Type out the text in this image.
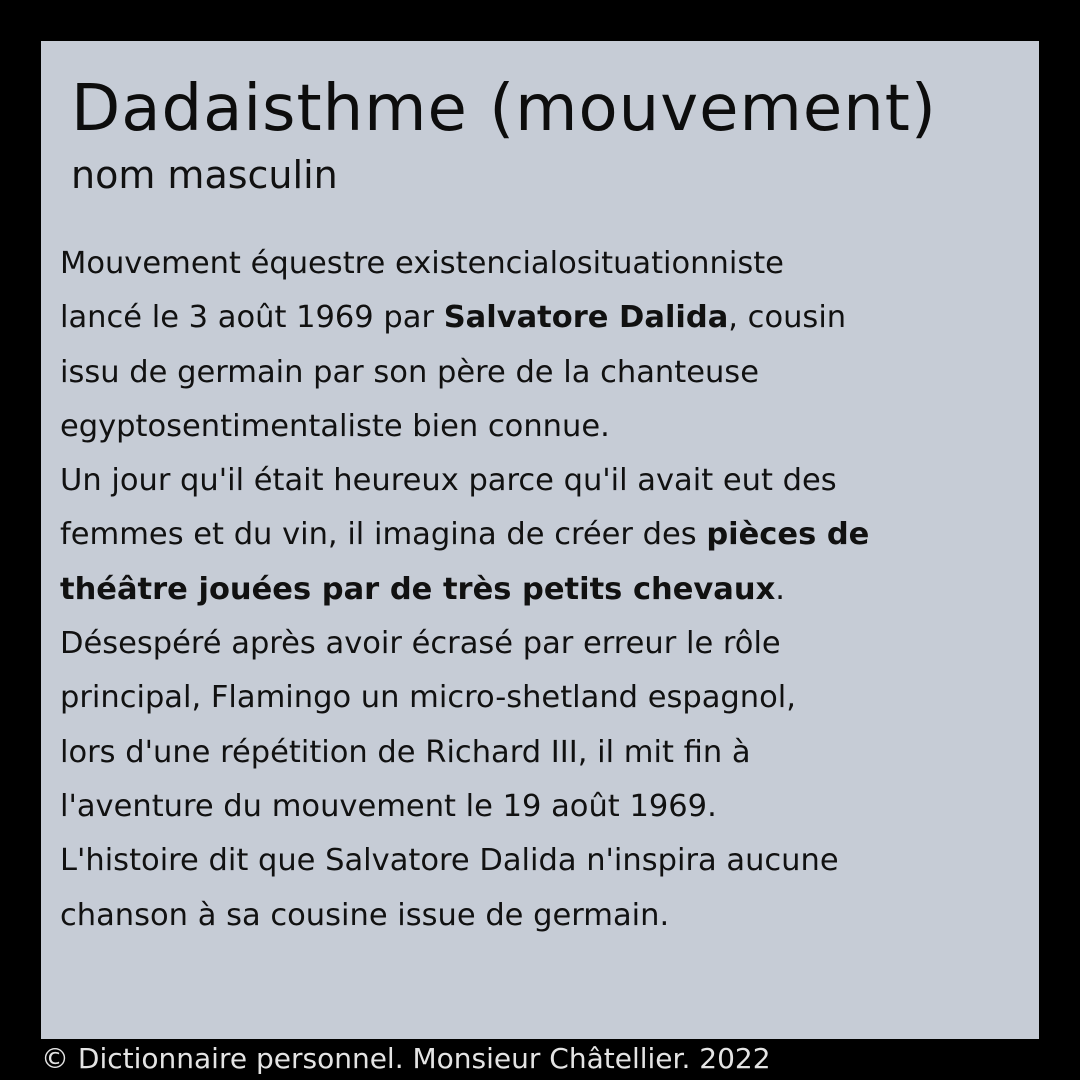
Dadaisthme (mouvement)
nom masculin
Mouvement équestre existencialosituationniste
lancé le 3 août 1969 par Salvatore Dalida, cousin
issu de germain par son père de la chanteuse
egyptosentimentaliste bien connue.
Un jour qu'il était heureux parce qu'il avait eut des
femmes et du vin, il imagina de créer des pièces de
théâtre jouées par de très petits chevaux.
Désespéré après avoir écrasé par erreur le rôle
principal, Flamingo un micro-shetland espagnol,
lors d'une répétition de Richard III, il mit fin à
l'aventure du mouvement le 19 août 1969.
L'histoire dit que Salvatore Dalida n'inspira aucune
chanson à sa cousine issue de germain.
© Dictionnaire personnel. Monsieur Châtellier. 2022
